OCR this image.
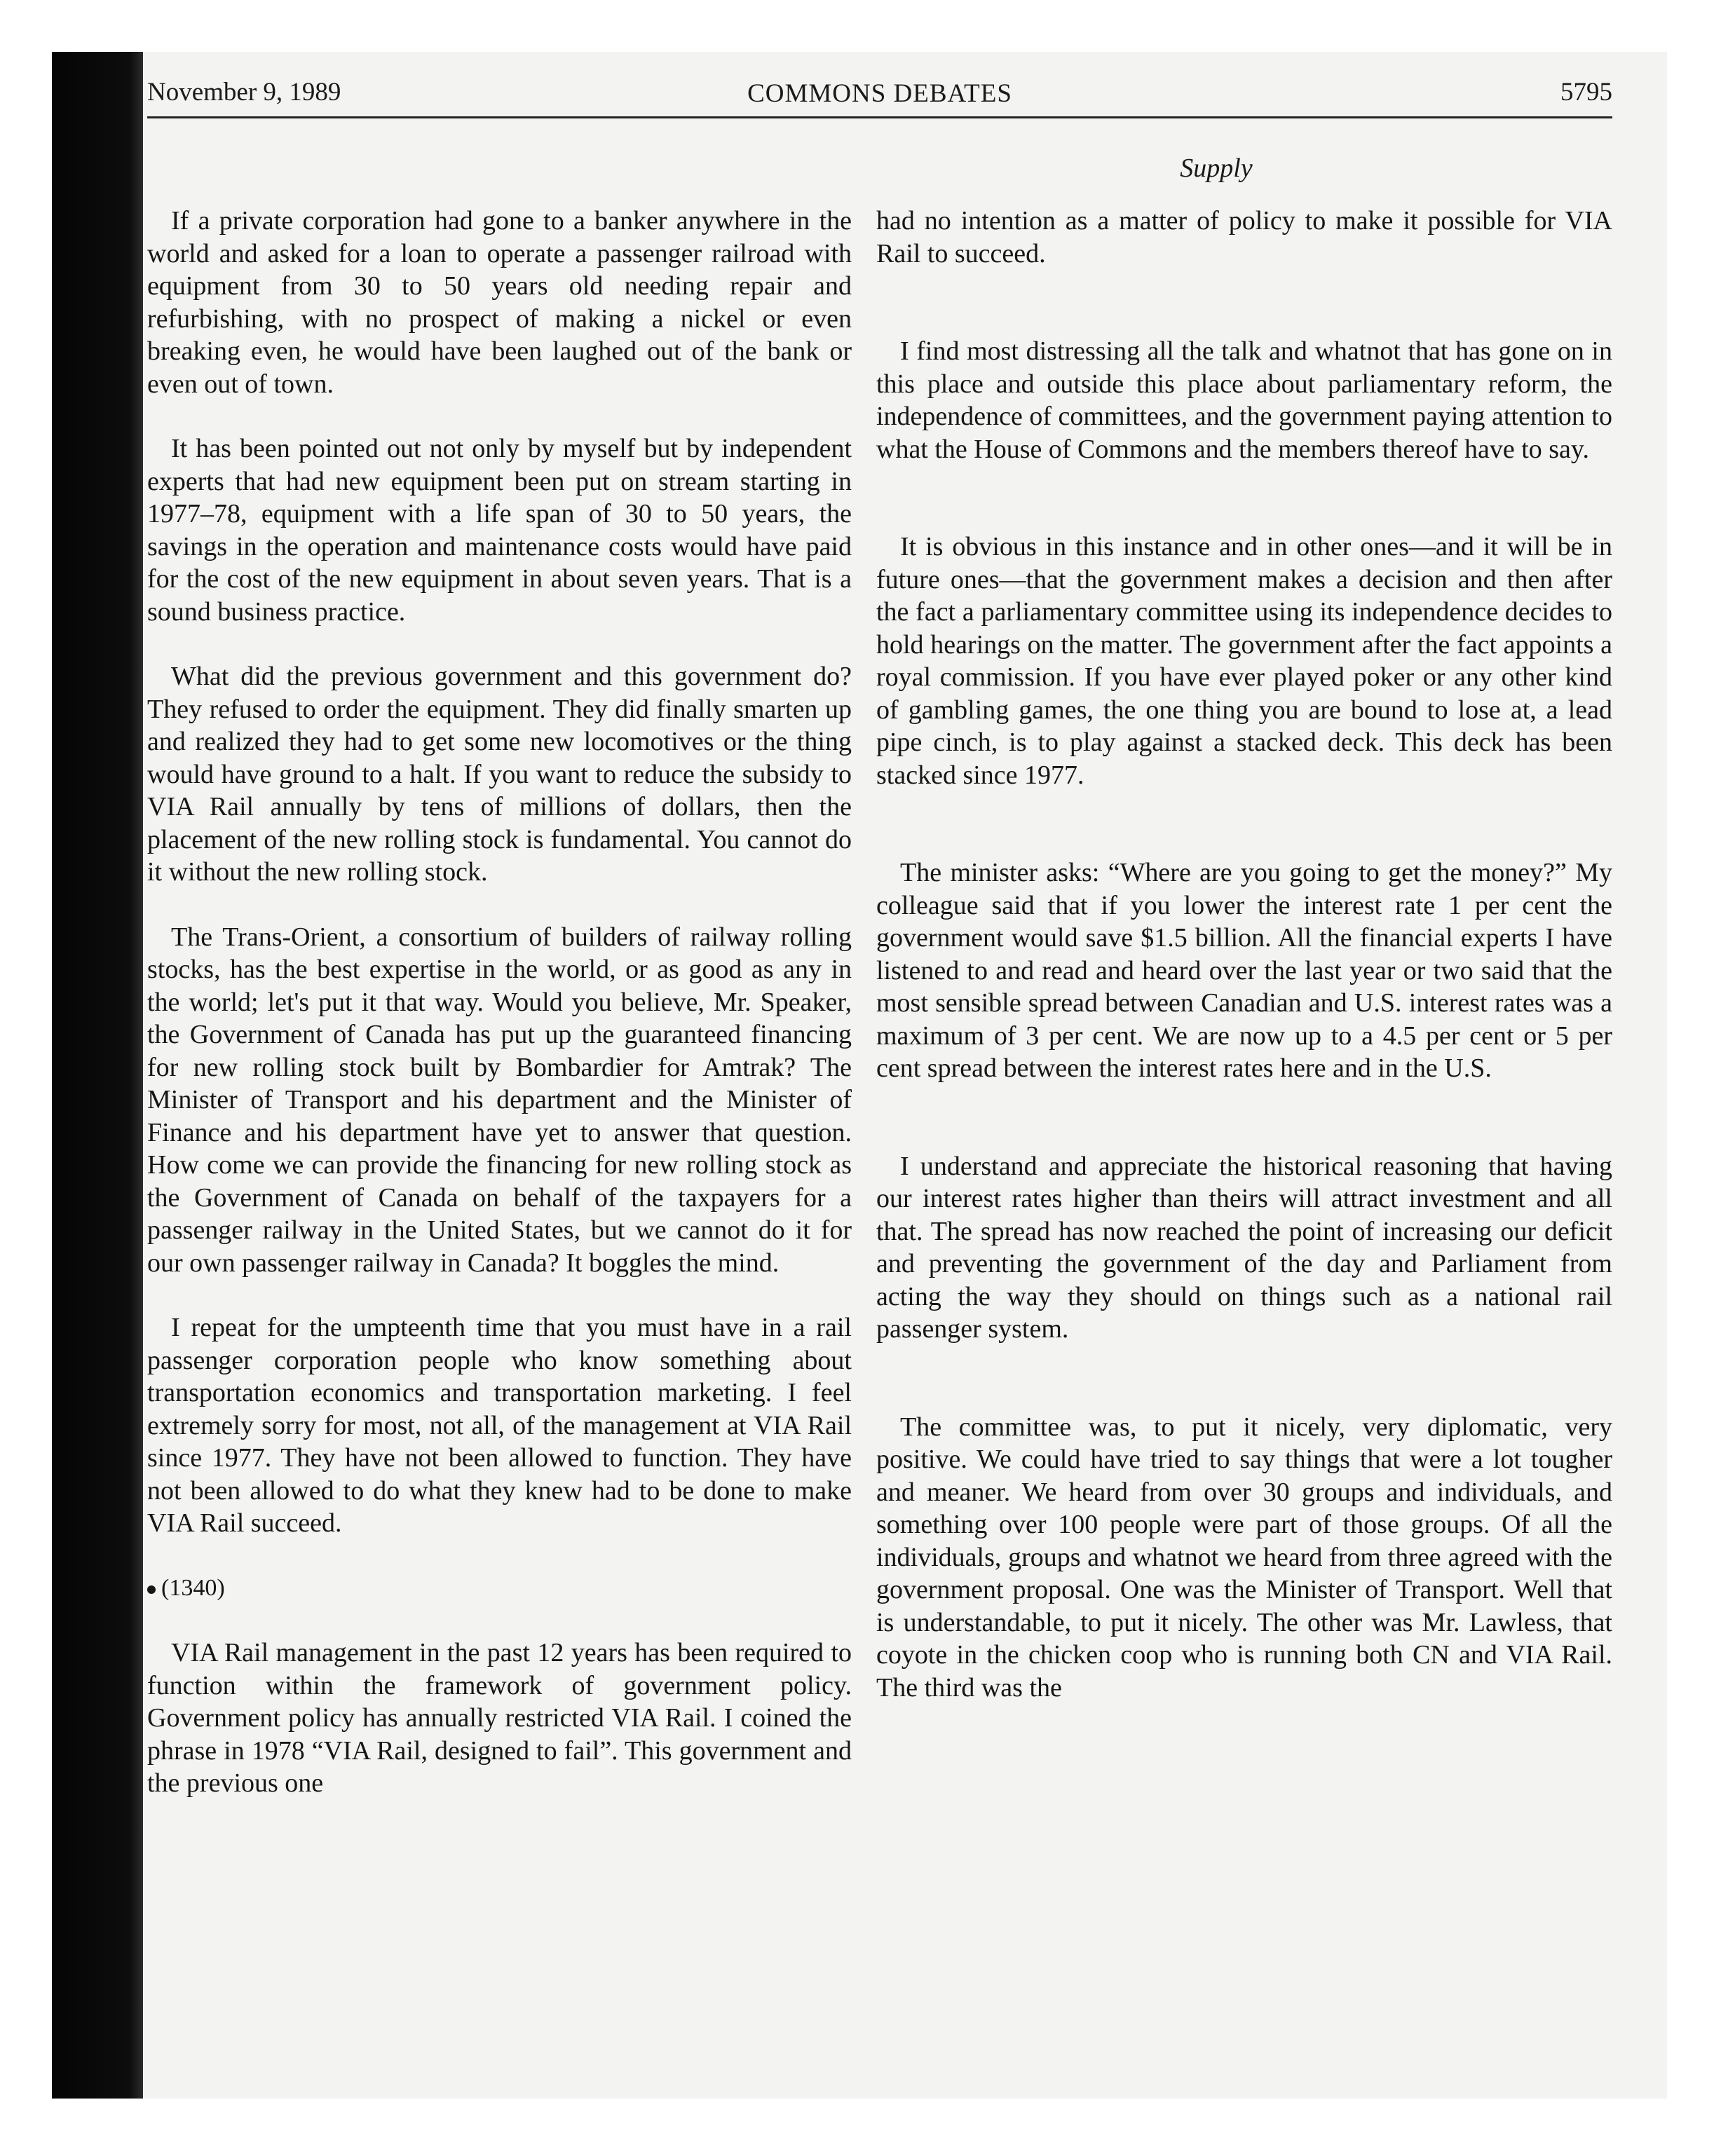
November 9, 1989	COMMONS DEBATES	5795
Supply

If a private corporation had gone to a banker anywhere in the world and asked for a loan to operate a passenger railroad with equipment from 30 to 50 years old needing repair and refurbishing, with no prospect of making a nickel or even breaking even, he would have been laughed out of the bank or even out of town.

It has been pointed out not only by myself but by independent experts that had new equipment been put on stream starting in 1977–78, equipment with a life span of 30 to 50 years, the savings in the operation and maintenance costs would have paid for the cost of the new equipment in about seven years. That is a sound business practice.

What did the previous government and this government do? They refused to order the equipment. They did finally smarten up and realized they had to get some new locomotives or the thing would have ground to a halt. If you want to reduce the subsidy to VIA Rail annually by tens of millions of dollars, then the placement of the new rolling stock is fundamental. You cannot do it without the new rolling stock.

The Trans-Orient, a consortium of builders of railway rolling stocks, has the best expertise in the world, or as good as any in the world; let's put it that way. Would you believe, Mr. Speaker, the Government of Canada has put up the guaranteed financing for new rolling stock built by Bombardier for Amtrak? The Minister of Transport and his department and the Minister of Finance and his department have yet to answer that question. How come we can provide the financing for new rolling stock as the Government of Canada on behalf of the taxpayers for a passenger railway in the United States, but we cannot do it for our own passenger railway in Canada? It boggles the mind.

I repeat for the umpteenth time that you must have in a rail passenger corporation people who know something about transportation economics and transportation marketing. I feel extremely sorry for most, not all, of the management at VIA Rail since 1977. They have not been allowed to function. They have not been allowed to do what they knew had to be done to make VIA Rail succeed.

(1340)

VIA Rail management in the past 12 years has been required to function within the framework of government policy. Government policy has annually restricted VIA Rail. I coined the phrase in 1978 “VIA Rail, designed to fail”. This government and the previous one

had no intention as a matter of policy to make it possible for VIA Rail to succeed.

I find most distressing all the talk and whatnot that has gone on in this place and outside this place about parliamentary reform, the independence of committees, and the government paying attention to what the House of Commons and the members thereof have to say.

It is obvious in this instance and in other ones—and it will be in future ones—that the government makes a decision and then after the fact a parliamentary committee using its independence decides to hold hearings on the matter. The government after the fact appoints a royal commission. If you have ever played poker or any other kind of gambling games, the one thing you are bound to lose at, a lead pipe cinch, is to play against a stacked deck. This deck has been stacked since 1977.

The minister asks: “Where are you going to get the money?” My colleague said that if you lower the interest rate 1 per cent the government would save $1.5 billion. All the financial experts I have listened to and read and heard over the last year or two said that the most sensible spread between Canadian and U.S. interest rates was a maximum of 3 per cent. We are now up to a 4.5 per cent or 5 per cent spread between the interest rates here and in the U.S.

I understand and appreciate the historical reasoning that having our interest rates higher than theirs will attract investment and all that. The spread has now reached the point of increasing our deficit and preventing the government of the day and Parliament from acting the way they should on things such as a national rail passenger system.

The committee was, to put it nicely, very diplomatic, very positive. We could have tried to say things that were a lot tougher and meaner. We heard from over 30 groups and individuals, and something over 100 people were part of those groups. Of all the individuals, groups and whatnot we heard from three agreed with the government proposal. One was the Minister of Transport. Well that is understandable, to put it nicely. The other was Mr. Lawless, that coyote in the chicken coop who is running both CN and VIA Rail. The third was the
